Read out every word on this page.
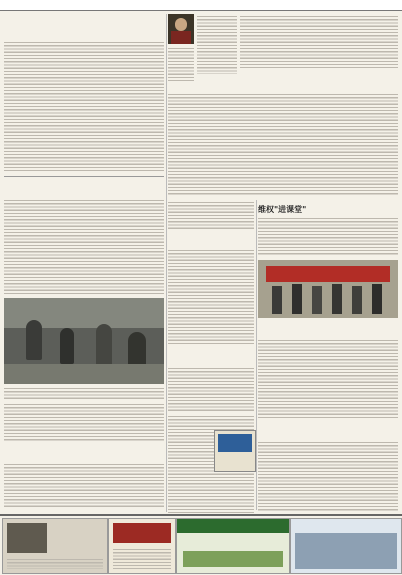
维权"进课堂"
